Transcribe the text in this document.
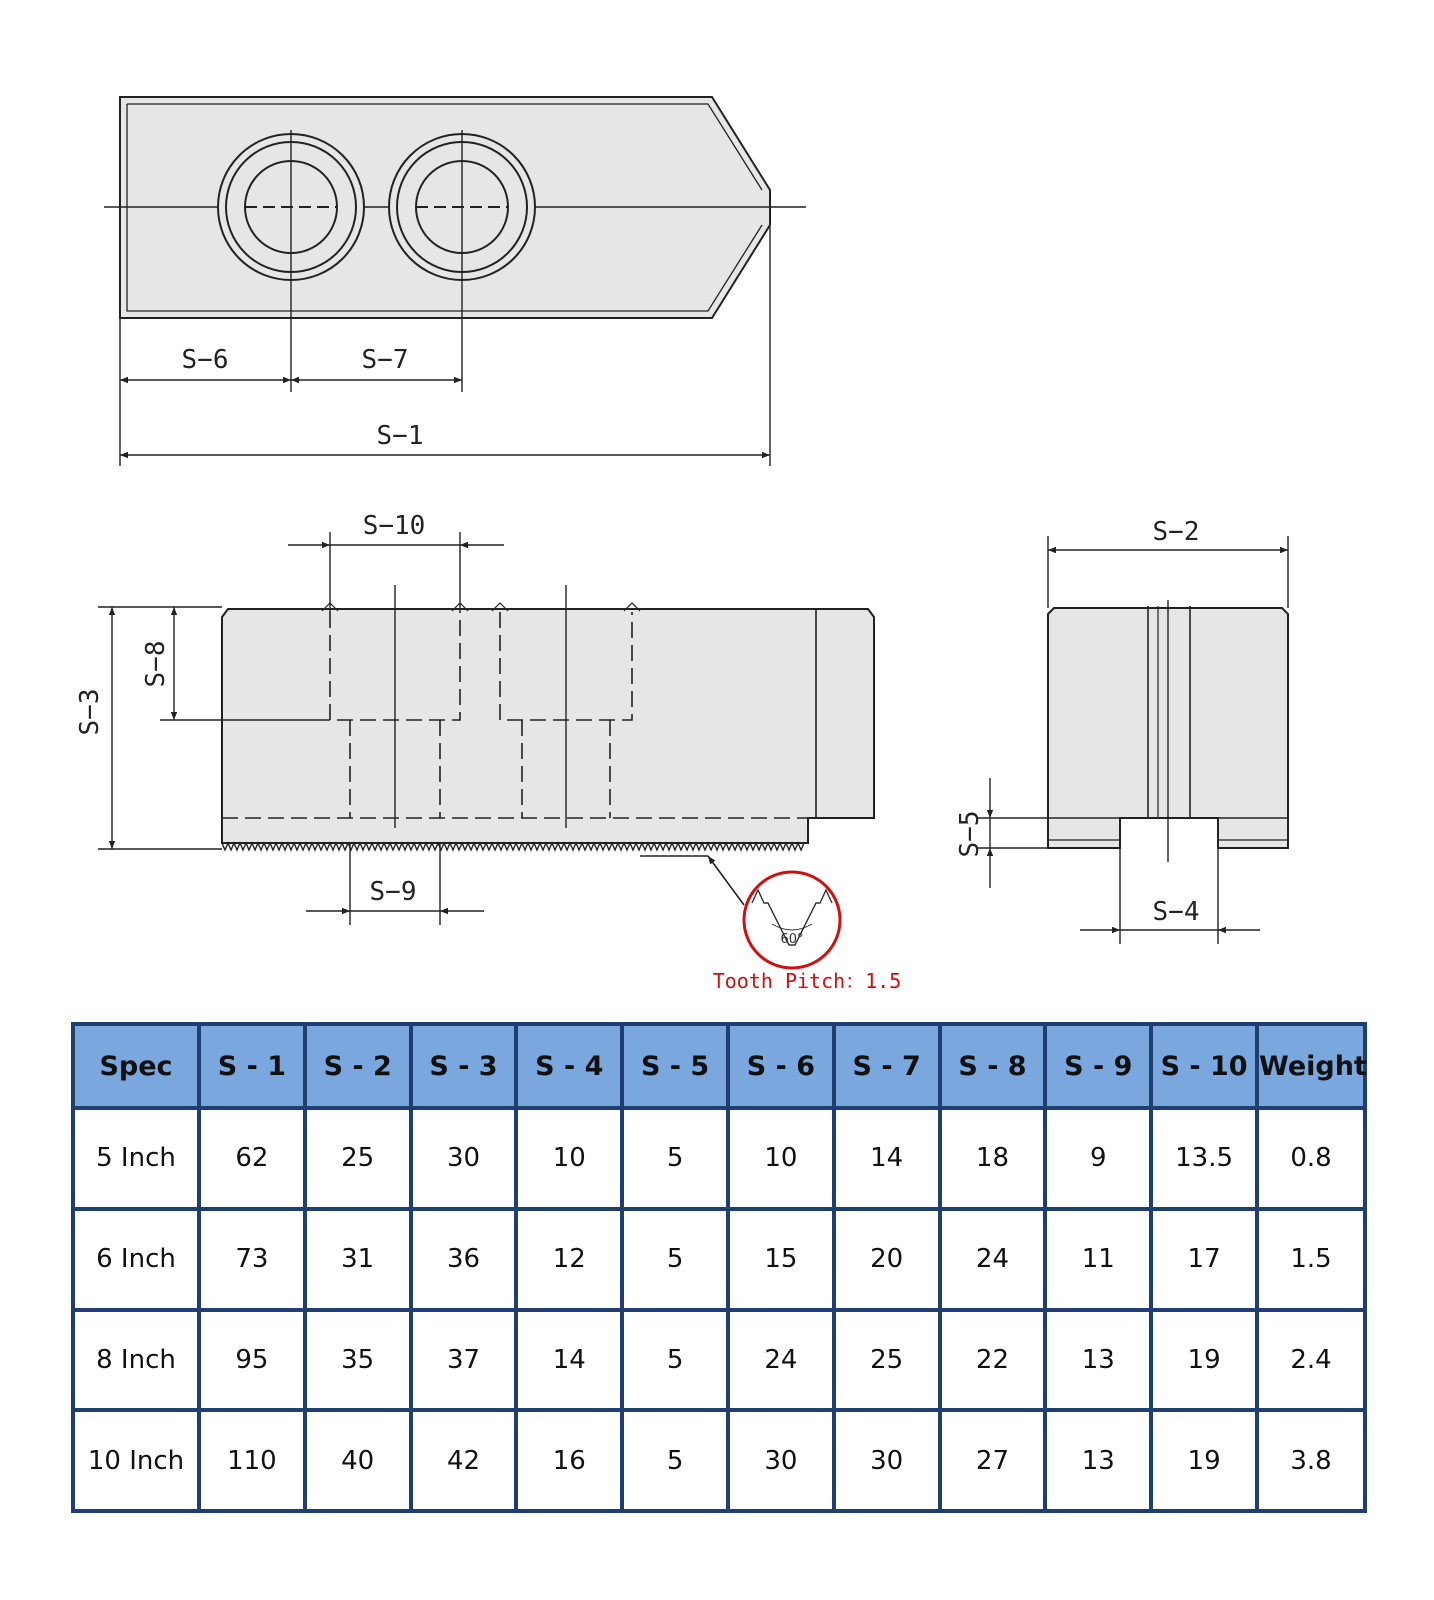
S−6	S−7
S−1
S−10
S−3
S−8
S−9
60°
Tooth Pitch：1.5
S−2
S−5
S−4
Spec	S - 1	S - 2	S - 3	S - 4	S - 5	S - 6	S - 7	S - 8	S - 9	S - 10	Weight
5 Inch	62	25	30	10	5	10	14	18	9	13.5	0.8
6 Inch	73	31	36	12	5	15	20	24	11	17	1.5
8 Inch	95	35	37	14	5	24	25	22	13	19	2.4
10 Inch	110	40	42	16	5	30	30	27	13	19	3.8
